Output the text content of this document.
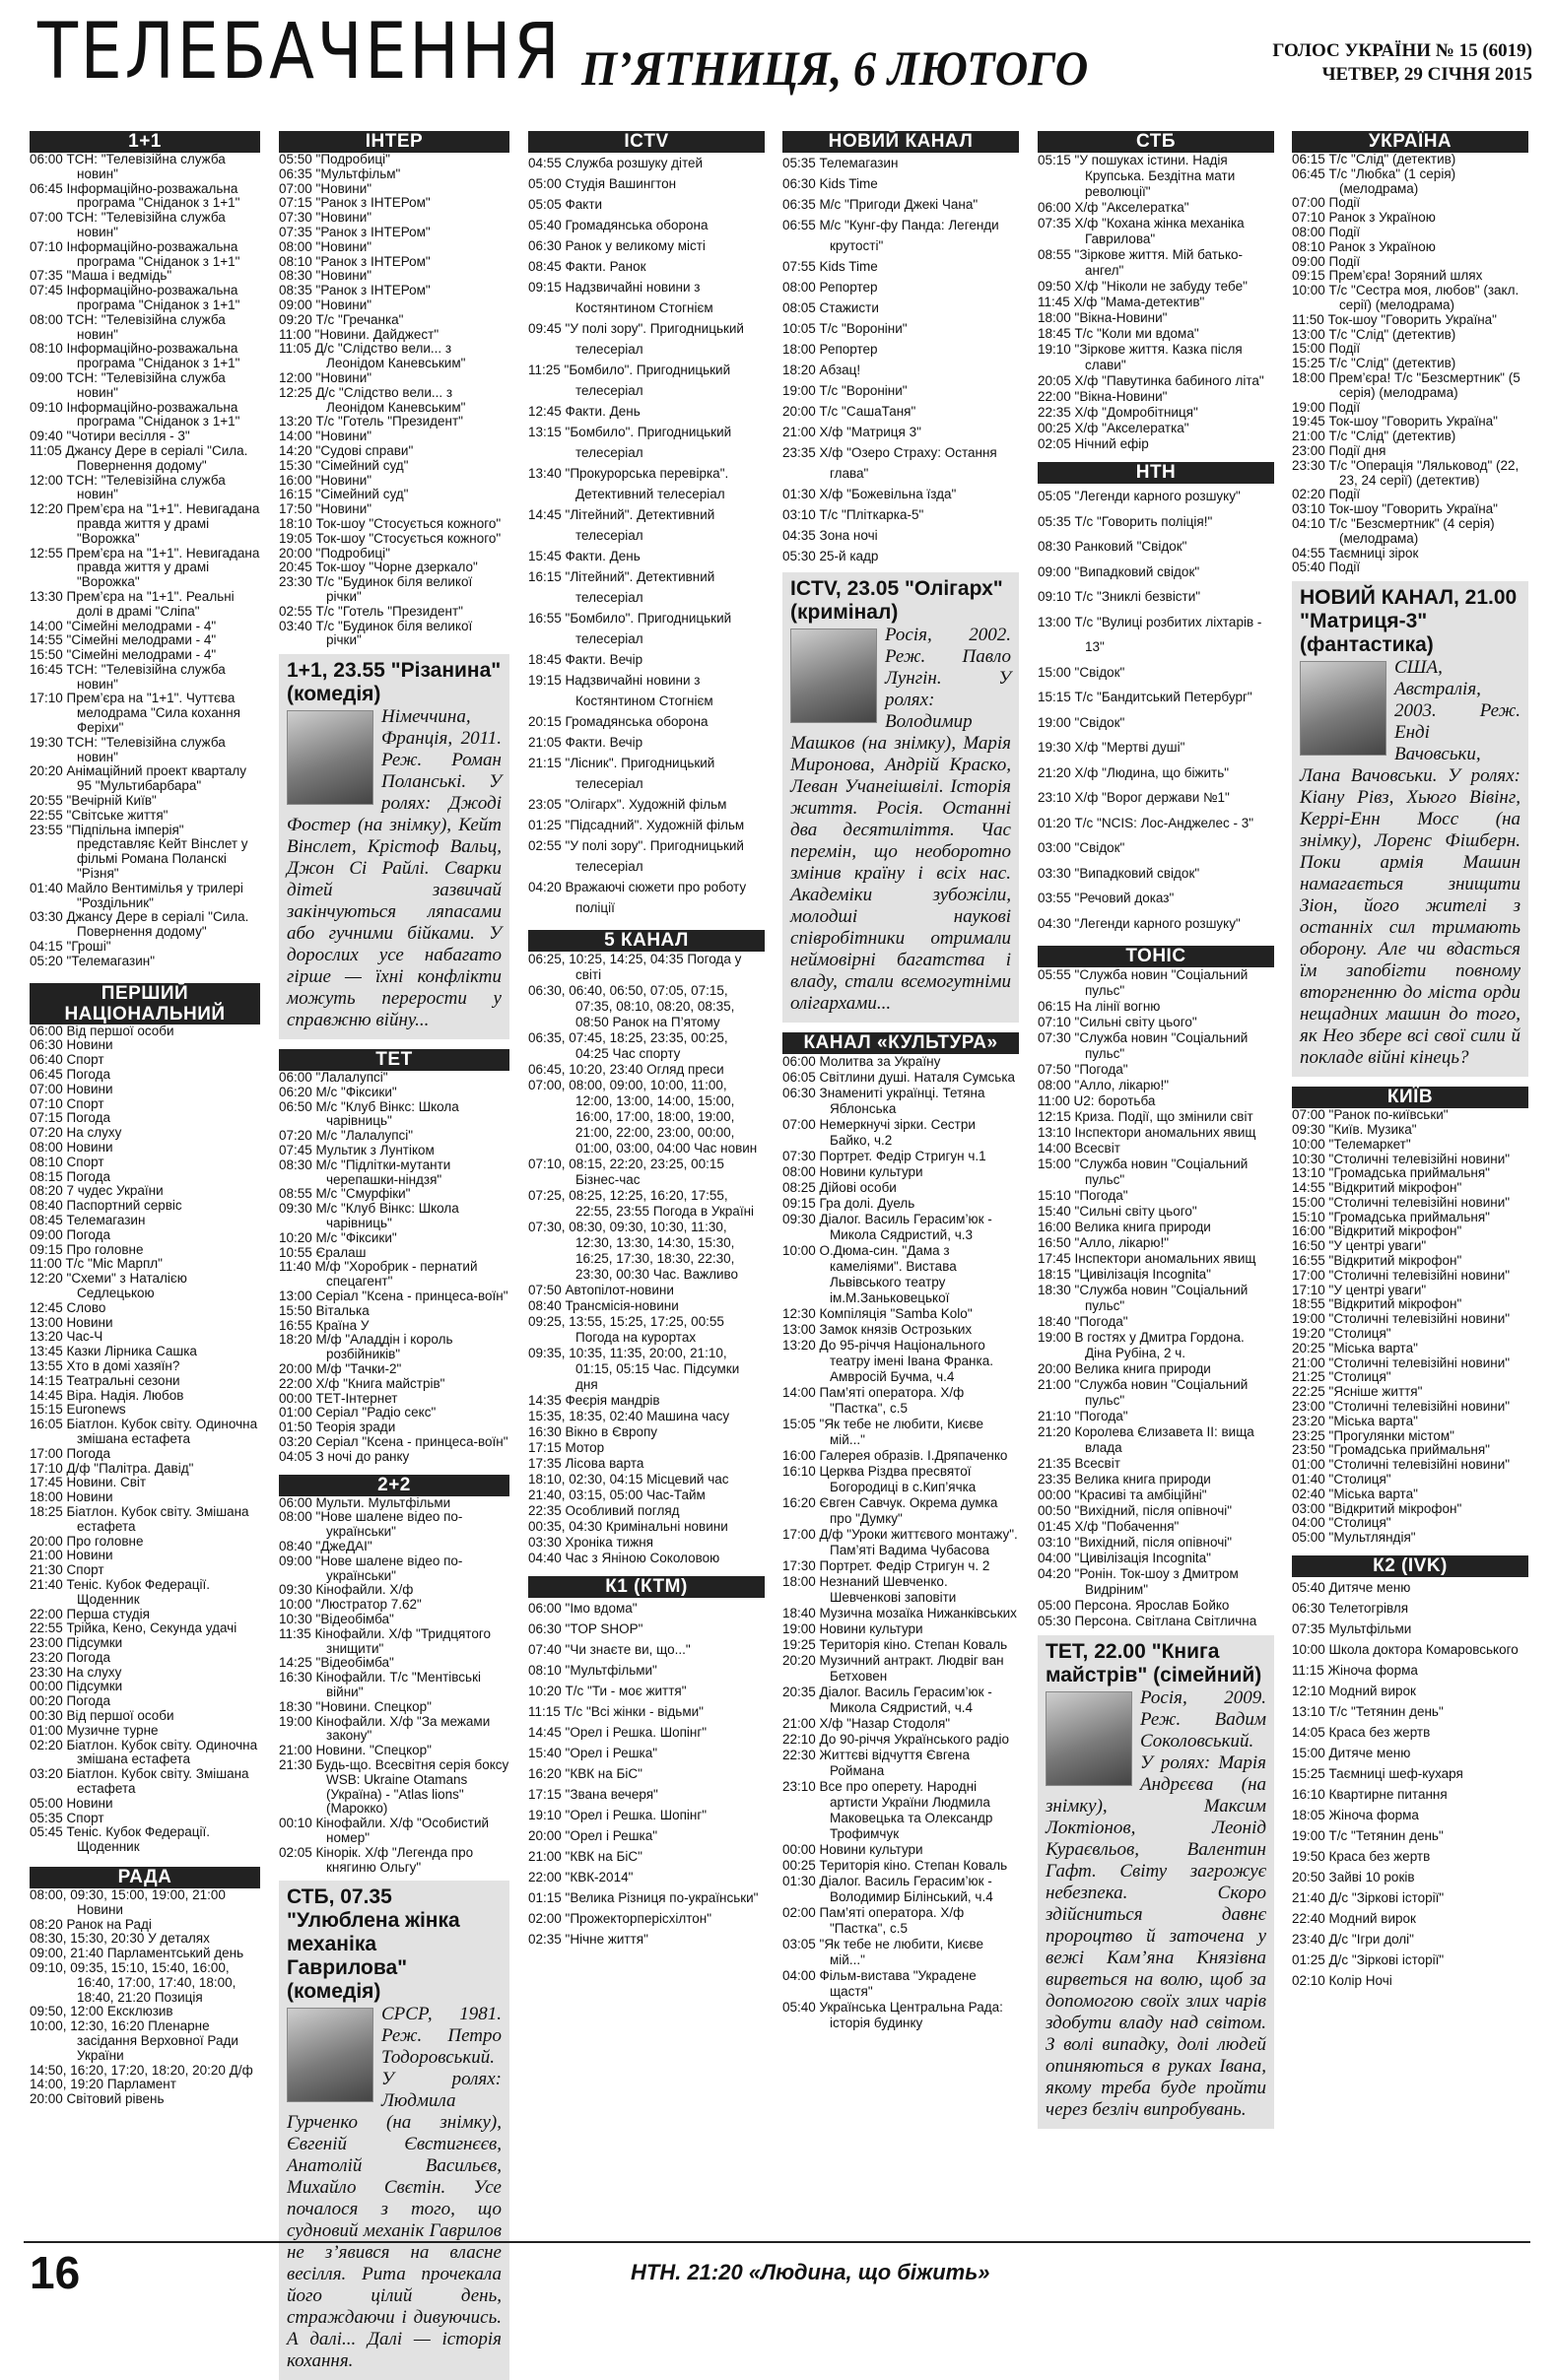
ТЕЛЕБАЧЕННЯ П’ЯТНИЦЯ, 6 ЛЮТОГО	ГОЛОС УКРАЇНИ № 15 (6019)
ЧЕТВЕР, 29 СІЧНЯ 2015
1+1
06:00 ТСН: "Телевізійна служба новин"
06:45 Інформаційно-розважальна програма "Сніданок з 1+1"
07:00 ТСН: "Телевізійна служба новин"
07:10 Інформаційно-розважальна програма "Сніданок з 1+1"
07:35 "Маша і ведмідь"
07:45 Інформаційно-розважальна програма "Сніданок з 1+1"
08:00 ТСН: "Телевізійна служба новин"
08:10 Інформаційно-розважальна програма "Сніданок з 1+1"
09:00 ТСН: "Телевізійна служба новин"
09:10 Інформаційно-розважальна програма "Сніданок з 1+1"
09:40 "Чотири весілля - 3"
11:05 Джансу Дере в серіалі "Сила. Повернення додому"
12:00 ТСН: "Телевізійна служба новин"
12:20 Прем’єра на "1+1". Невигадана правда життя у драмі "Ворожка"
12:55 Прем’єра на "1+1". Невигадана правда життя у драмі "Ворожка"
13:30 Прем’єра на "1+1". Реальні долі в драмі "Сліпа"
14:00 "Сімейні мелодрами - 4"
14:55 "Сімейні мелодрами - 4"
15:50 "Сімейні мелодрами - 4"
16:45 ТСН: "Телевізійна служба новин"
17:10 Прем’єра на "1+1". Чуттєва мелодрама "Сила кохання Феріхи"
19:30 ТСН: "Телевізійна служба новин"
20:20 Анімаційний проект кварталу 95 "Мультибарбара"
20:55 "Вечірній Київ"
22:55 "Світське життя"
23:55 "Підпільна імперія" представляє Кейт Вінслет у фільмі Романа Поланскі "Різня"
01:40 Майло Вентимілья у трилері "Роздільник"
03:30 Джансу Дере в серіалі "Сила. Повернення додому"
04:15 "Гроші"
05:20 "Телемагазин"
ПЕРШИЙ НАЦІОНАЛЬНИЙ
06:00 Від першої особи
06:30 Новини
06:40 Спорт
06:45 Погода
07:00 Новини
07:10 Спорт
07:15 Погода
07:20 На слуху
08:00 Новини
08:10 Спорт
08:15 Погода
08:20 7 чудес України
08:40 Паспортний сервіс
08:45 Телемагазин
09:00 Погода
09:15 Про головне
11:00 Т/с "Міс Марпл"
12:20 "Схеми" з Наталією Седлецькою
12:45 Слово
13:00 Новини
13:20 Час-Ч
13:45 Казки Лірника Сашка
13:55 Хто в домі хазяїн?
14:15 Театральні сезони
14:45 Віра. Надія. Любов
15:15 Euronews
16:05 Біатлон. Кубок світу. Одиночна змішана естафета
17:00 Погода
17:10 Д/ф "Палітра. Давід"
17:45 Новини. Світ
18:00 Новини
18:25 Біатлон. Кубок світу. Змішана естафета
20:00 Про головне
21:00 Новини
21:30 Спорт
21:40 Теніс. Кубок Федерації. Щоденник
22:00 Перша студія
22:55 Трійка, Кено, Секунда удачі
23:00 Підсумки
23:20 Погода
23:30 На слуху
00:00 Підсумки
00:20 Погода
00:30 Від першої особи
01:00 Музичне турне
02:20 Біатлон. Кубок світу. Одиночна змішана естафета
03:20 Біатлон. Кубок світу. Змішана естафета
05:00 Новини
05:35 Спорт
05:45 Теніс. Кубок Федерації. Щоденник
РАДА
08:00, 09:30, 15:00, 19:00, 21:00 Новини
08:20 Ранок на Раді
08:30, 15:30, 20:30 У деталях
09:00, 21:40 Парламентський день
09:10, 09:35, 15:10, 15:40, 16:00, 16:40, 17:00, 17:40, 18:00, 18:40, 21:20 Позиція
09:50, 12:00 Ексклюзив
10:00, 12:30, 16:20 Пленарне засідання Верховної Ради України
14:50, 16:20, 17:20, 18:20, 20:20 Д/ф
14:00, 19:20 Парламент
20:00 Світовий рівень
ІНТЕР
05:50 "Подробиці"
06:35 "Мультфільм"
07:00 "Новини"
07:15 "Ранок з ІНТЕРом"
07:30 "Новини"
07:35 "Ранок з ІНТЕРом"
08:00 "Новини"
08:10 "Ранок з ІНТЕРом"
08:30 "Новини"
08:35 "Ранок з ІНТЕРом"
09:00 "Новини"
09:20 Т/с "Гречанка"
11:00 "Новини. Дайджест"
11:05 Д/с "Слідство вели... з Леонідом Каневським"
12:00 "Новини"
12:25 Д/с "Слідство вели... з Леонідом Каневським"
13:20 Т/с "Готель "Президент"
14:00 "Новини"
14:20 "Судові справи"
15:30 "Сімейний суд"
16:00 "Новини"
16:15 "Сімейний суд"
17:50 "Новини"
18:10 Ток-шоу "Стосується кожного"
19:05 Ток-шоу "Стосується кожного"
20:00 "Подробиці"
20:45 Ток-шоу "Чорне дзеркало"
23:30 Т/с "Будинок біля великої річки"
02:55 Т/с "Готель "Президент"
03:40 Т/с "Будинок біля великої річки"
1+1, 23.55 "Різанина" (комедія)
Німеччина, Франція, 2011. Реж. Роман Поланські. У ролях: Джоді Фостер (на знімку), Кейт Вінслет, Крістоф Вальц, Джон Сі Райлі. Сварки дітей зазвичай закінчуються ляпасами або гучними бійками. У дорослих усе набагато гірше — їхні конфлікти можуть перерости у справжню війну...
ТЕТ
06:00 "Лалалупсі"
06:20 М/с "Фіксики"
06:50 М/с "Клуб Вінкс: Школа чарівниць"
07:20 М/с "Лалалупсі"
07:45 Мультик з Лунтіком
08:30 М/с "Підлітки-мутанти черепашки-ніндзя"
08:55 М/с "Смурфіки"
09:30 М/с "Клуб Вінкс: Школа чарівниць"
10:20 М/с "Фіксики"
10:55 Єралаш
11:40 М/ф "Хоробрик - пернатий спецагент"
13:00 Серіал "Ксена - принцеса-воїн"
15:50 Віталька
16:55 Країна У
18:20 М/ф "Аладдін і король розбійників"
20:00 М/ф "Тачки-2"
22:00 Х/ф "Книга майстрів"
00:00 ТЕТ-Інтернет
01:00 Серіал "Радіо секс"
01:50 Теорія зради
03:20 Серіал "Ксена - принцеса-воїн"
04:05 З ночі до ранку
2+2
06:00 Мульти. Мультфільми
08:00 "Нове шалене відео по-українськи"
08:40 "ДжеДАІ"
09:00 "Нове шалене відео по-українськи"
09:30 Кінофайли. Х/ф
10:00 "Люстратор 7.62"
10:30 "Відеобімба"
11:35 Кінофайли. Х/ф "Тридцятого знищити"
14:25 "Відеобімба"
16:30 Кінофайли. Т/с "Ментівські війни"
18:30 "Новини. Спецкор"
19:00 Кінофайли. Х/ф "За межами закону"
21:00 Новини. "Спецкор"
21:30 Будь-що. Всесвітня серія боксу WSB: Ukraine Otamans (Україна) - "Atlas lions" (Марокко)
00:10 Кінофайли. Х/ф "Особистий номер"
02:05 Кінорік. Х/ф "Легенда про княгиню Ольгу"
СТБ, 07.35 "Улюблена жінка механіка Гаврилова" (комедія)
СРСР, 1981. Реж. Петро Тодоровський. У ролях: Людмила Гурченко (на знімку), Євгеній Євстигнєєв, Анатолій Васильєв, Михайло Свєтін. Усе почалося з того, що судновий механік Гаврилов не з’явився на власне весілля. Рита прочекала його цілий день, страждаючи і дивуючись. А далі... Далі — історія кохання.
ICTV
04:55 Служба розшуку дітей
05:00 Студія Вашингтон
05:05 Факти
05:40 Громадянська оборона
06:30 Ранок у великому місті
08:45 Факти. Ранок
09:15 Надзвичайні новини з Костянтином Стогнієм
09:45 "У полі зору". Пригодницький телесеріал
11:25 "Бомбило". Пригодницький телесеріал
12:45 Факти. День
13:15 "Бомбило". Пригодницький телесеріал
13:40 "Прокурорська перевірка". Детективний телесеріал
14:45 "Літейний". Детективний телесеріал
15:45 Факти. День
16:15 "Літейний". Детективний телесеріал
16:55 "Бомбило". Пригодницький телесеріал
18:45 Факти. Вечір
19:15 Надзвичайні новини з Костянтином Стогнієм
20:15 Громадянська оборона
21:05 Факти. Вечір
21:15 "Лісник". Пригодницький телесеріал
23:05 "Олігарх". Художній фільм
01:25 "Підсадний". Художній фільм
02:55 "У полі зору". Пригодницький телесеріал
04:20 Вражаючі сюжети про роботу поліції
5 КАНАЛ
06:25, 10:25, 14:25, 04:35 Погода у світі
06:30, 06:40, 06:50, 07:05, 07:15, 07:35, 08:10, 08:20, 08:35, 08:50 Ранок на П’ятому
06:35, 07:45, 18:25, 23:35, 00:25, 04:25 Час спорту
06:45, 10:20, 23:40 Огляд преси
07:00, 08:00, 09:00, 10:00, 11:00, 12:00, 13:00, 14:00, 15:00, 16:00, 17:00, 18:00, 19:00, 21:00, 22:00, 23:00, 00:00, 01:00, 03:00, 04:00 Час новин
07:10, 08:15, 22:20, 23:25, 00:15 Бізнес-час
07:25, 08:25, 12:25, 16:20, 17:55, 22:55, 23:55 Погода в Україні
07:30, 08:30, 09:30, 10:30, 11:30, 12:30, 13:30, 14:30, 15:30, 16:25, 17:30, 18:30, 22:30, 23:30, 00:30 Час. Важливо
07:50 Автопілот-новини
08:40 Трансмісія-новини
09:25, 13:55, 15:25, 17:25, 00:55 Погода на курортах
09:35, 10:35, 11:35, 20:00, 21:10, 01:15, 05:15 Час. Підсумки дня
14:35 Феєрія мандрів
15:35, 18:35, 02:40 Машина часу
16:30 Вікно в Європу
17:15 Мотор
17:35 Лісова варта
18:10, 02:30, 04:15 Місцевий час
21:40, 03:15, 05:00 Час-Тайм
22:35 Особливий погляд
00:35, 04:30 Кримінальні новини
03:30 Хроніка тижня
04:40 Час з Яніною Соколовою
К1 (КТМ)
06:00 "Імо вдома"
06:30 "TOP SHOP"
07:40 "Чи знаєте ви, що..."
08:10 "Мультфільми"
10:20 Т/с "Ти - моє життя"
11:15 Т/с "Всі жінки - відьми"
14:45 "Орел і Решка. Шопінг"
15:40 "Орел і Решка"
16:20 "КВК на БіС"
17:15 "Звана вечеря"
19:10 "Орел і Решка. Шопінг"
20:00 "Орел і Решка"
21:00 "КВК на БіС"
22:00 "КВК-2014"
01:15 "Велика Різниця по-українськи"
02:00 "Прожекторперісхілтон"
02:35 "Нічне життя"
НОВИЙ КАНАЛ
05:35 Телемагазин
06:30 Kids Time
06:35 М/с "Пригоди Джекі Чана"
06:55 М/с "Кунг-фу Панда: Легенди крутості"
07:55 Kids Time
08:00 Репортер
08:05 Стажисти
10:05 Т/с "Вороніни"
18:00 Репортер
18:20 Абзац!
19:00 Т/с "Вороніни"
20:00 Т/с "СашаТаня"
21:00 Х/ф "Матриця 3"
23:35 Х/ф "Озеро Страху: Остання глава"
01:30 Х/ф "Божевільна їзда"
03:10 Т/с "Пліткарка-5"
04:35 Зона ночі
05:30 25-й кадр
ICTV, 23.05 "Олігарх" (кримінал)
Росія, 2002. Реж. Павло Лунгін. У ролях: Володимир Машков (на знімку), Марія Миронова, Андрій Краско, Леван Учанеішвілі. Історія життя. Росія. Останні два десятиліття. Час перемін, що необоротно змінив країну і всіх нас. Академіки зубожіли, молодші наукові співробітники отримали неймовірні багатства і владу, стали всемогутніми олігархами...
КАНАЛ «КУЛЬТУРА»
06:00 Молитва за Україну
06:05 Світлини душі. Наталя Сумська
06:30 Знамениті українці. Тетяна Яблонська
07:00 Немеркнучі зірки. Сестри Байко, ч.2
07:30 Портрет. Федір Стригун ч.1
08:00 Новини культури
08:25 Дійові особи
09:15 Гра долі. Дуель
09:30 Діалог. Василь Герасим’юк - Микола Сядристий, ч.3
10:00 О.Дюма-син. "Дама з камеліями". Вистава Львівського театру ім.М.Заньковецької
12:30 Компіляція "Samba Kolo"
13:00 Замок князів Острозьких
13:20 До 95-річчя Національного театру імені Івана Франка. Амвросій Бучма, ч.4
14:00 Пам’яті оператора. Х/ф "Пастка", с.5
15:05 "Як тебе не любити, Києве мій..."
16:00 Галерея образів. І.Дряпаченко
16:10 Церква Різдва пресвятої Богородиці в с.Кип’ячка
16:20 Євген Савчук. Окрема думка про "Думку"
17:00 Д/ф "Уроки життєвого монтажу". Пам’яті Вадима Чубасова
17:30 Портрет. Федір Стригун ч. 2
18:00 Незнаний Шевченко. Шевченкові заповіти
18:40 Музична мозаїка Нижанківських
19:00 Новини культури
19:25 Територія кіно. Степан Коваль
20:20 Музичний антракт. Людвіг ван Бетховен
20:35 Діалог. Василь Герасим’юк - Микола Сядристий, ч.4
21:00 Х/ф "Назар Стодоля"
22:10 До 90-річчя Українського радіо
22:30 Життєві відчуття Євгена Роймана
23:10 Все про оперету. Народні артисти України Людмила Маковецька та Олександр Трофимчук
00:00 Новини культури
00:25 Територія кіно. Степан Коваль
01:30 Діалог. Василь Герасим’юк - Володимир Білінський, ч.4
02:00 Пам’яті оператора. Х/ф "Пастка", с.5
03:05 "Як тебе не любити, Києве мій..."
04:00 Фільм-вистава "Украдене щастя"
05:40 Українська Центральна Рада: історія будинку
СТБ
05:15 "У пошуках істини. Надія Крупська. Бездітна мати революції"
06:00 Х/ф "Акселератка"
07:35 Х/ф "Кохана жінка механіка Гаврилова"
08:55 "Зіркове життя. Мій батько-ангел"
09:50 Х/ф "Ніколи не забуду тебе"
11:45 Х/ф "Мама-детектив"
18:00 "Вікна-Новини"
18:45 Т/с "Коли ми вдома"
19:10 "Зіркове життя. Казка після слави"
20:05 Х/ф "Павутинка бабиного літа"
22:00 "Вікна-Новини"
22:35 Х/ф "Домробітниця"
00:25 Х/ф "Акселератка"
02:05 Нічний ефір
НТН
05:05 "Легенди карного розшуку"
05:35 Т/с "Говорить поліція!"
08:30 Ранковий "Свідок"
09:00 "Випадковий свідок"
09:10 Т/с "Зниклі безвісти"
13:00 Т/с "Вулиці розбитих ліхтарів - 13"
15:00 "Свідок"
15:15 Т/с "Бандитський Петербург"
19:00 "Свідок"
19:30 Х/ф "Мертві душі"
21:20 Х/ф "Людина, що біжить"
23:10 Х/ф "Ворог держави №1"
01:20 Т/с "NCIS: Лос-Анджелес - 3"
03:00 "Свідок"
03:30 "Випадковий свідок"
03:55 "Речовий доказ"
04:30 "Легенди карного розшуку"
ТОНІС
05:55 "Служба новин "Соціальний пульс"
06:15 На лінії вогню
07:10 "Сильні світу цього"
07:30 "Служба новин "Соціальний пульс"
07:50 "Погода"
08:00 "Алло, лікарю!"
11:00 U2: боротьба
12:15 Криза. Події, що змінили світ
13:10 Інспектори аномальних явищ
14:00 Всесвіт
15:00 "Служба новин "Соціальний пульс"
15:10 "Погода"
15:40 "Сильні світу цього"
16:00 Велика книга природи
16:50 "Алло, лікарю!"
17:45 Інспектори аномальних явищ
18:15 "Цивілізація Incognita"
18:30 "Служба новин "Соціальний пульс"
18:40 "Погода"
19:00 В гостях у Дмитра Гордона. Діна Рубіна, 2 ч.
20:00 Велика книга природи
21:00 "Служба новин "Соціальний пульс"
21:10 "Погода"
21:20 Королева Єлизавета II: вища влада
21:35 Всесвіт
23:35 Велика книга природи
00:00 "Красиві та амбіційні"
00:50 "Вихідний, після опівночі"
01:45 Х/ф "Побачення"
03:10 "Вихідний, після опівночі"
04:00 "Цивілізація Incognita"
04:20 "Ронін. Ток-шоу з Дмитром Видріним"
05:00 Персона. Ярослав Бойко
05:30 Персона. Світлана Світлична
ТЕТ, 22.00 "Книга майстрів" (сімейний)
Росія, 2009. Реж. Вадим Соколовський. У ролях: Марія Андрєєва (на знімку), Максим Локтіонов, Леонід Кураєвльов, Валентин Гафт. Світу загрожує небезпека. Скоро здійсниться давнє пророцтво й заточена у вежі Кам’яна Князівна вирветься на волю, щоб за допомогою своїх злих чарів здобути владу над світом. З волі випадку, долі людей опиняються в руках Івана, якому треба буде пройти через безліч випробувань.
УКРАЇНА
06:15 Т/с "Слід" (детектив)
06:45 Т/с "Любка" (1 серія) (мелодрама)
07:00 Події
07:10 Ранок з Україною
08:00 Події
08:10 Ранок з Україною
09:00 Події
09:15 Прем’єра! Зоряний шлях
10:00 Т/с "Сестра моя, любов" (закл. серії) (мелодрама)
11:50 Ток-шоу "Говорить Україна"
13:00 Т/с "Слід" (детектив)
15:00 Події
15:25 Т/с "Слід" (детектив)
18:00 Прем’єра! Т/с "Безсмертник" (5 серія) (мелодрама)
19:00 Події
19:45 Ток-шоу "Говорить Україна"
21:00 Т/с "Слід" (детектив)
23:00 Події дня
23:30 Т/с "Операція "Ляльковод" (22, 23, 24 серії) (детектив)
02:20 Події
03:10 Ток-шоу "Говорить Україна"
04:10 Т/с "Безсмертник" (4 серія) (мелодрама)
04:55 Таємниці зірок
05:40 Події
НОВИЙ КАНАЛ, 21.00 "Матриця-3" (фантастика)
США, Австралія, 2003. Реж. Енді Вачовськи, Лана Вачовськи. У ролях: Кіану Рівз, Хьюго Вівінг, Керрі-Енн Мосс (на знімку), Лоренс Фішберн. Поки армія Машин намагається знищити Зіон, його жителі з останніх сил тримають оборону. Але чи вдасться їм запобігти повному вторгненню до міста орди нещадних машин до того, як Нео збере всі свої сили й покладе війні кінець?
КИЇВ
07:00 "Ранок по-київськи"
09:30 "Київ. Музика"
10:00 "Телемаркет"
10:30 "Столичні телевізійні новини"
13:10 "Громадська приймальня"
14:55 "Відкритий мікрофон"
15:00 "Столичні телевізійні новини"
15:10 "Громадська приймальня"
16:00 "Відкритий мікрофон"
16:50 "У центрі уваги"
16:55 "Відкритий мікрофон"
17:00 "Столичні телевізійні новини"
17:10 "У центрі уваги"
18:55 "Відкритий мікрофон"
19:00 "Столичні телевізійні новини"
19:20 "Столиця"
20:25 "Міська варта"
21:00 "Столичні телевізійні новини"
21:25 "Столиця"
22:25 "Ясніше життя"
23:00 "Столичні телевізійні новини"
23:20 "Міська варта"
23:25 "Прогулянки містом"
23:50 "Громадська приймальня"
01:00 "Столичні телевізійні новини"
01:40 "Столиця"
02:40 "Міська варта"
03:00 "Відкритий мікрофон"
04:00 "Столиця"
05:00 "Мультляндія"
К2 (IVK)
05:40 Дитяче меню
06:30 Телетогрівля
07:35 Мультфільми
10:00 Школа доктора Комаровського
11:15 Жіноча форма
12:10 Модний вирок
13:10 Т/с "Тетянин день"
14:05 Краса без жертв
15:00 Дитяче меню
15:25 Таємниці шеф-кухаря
16:10 Квартирне питання
18:05 Жіноча форма
19:00 Т/с "Тетянин день"
19:50 Краса без жертв
20:50 Зайві 10 років
21:40 Д/с "Зіркові історії"
22:40 Модний вирок
23:40 Д/с "Ігри долі"
01:25 Д/с "Зіркові історії"
02:10 Колір Ночі
16	НТН. 21:20 «Людина, що біжить»
